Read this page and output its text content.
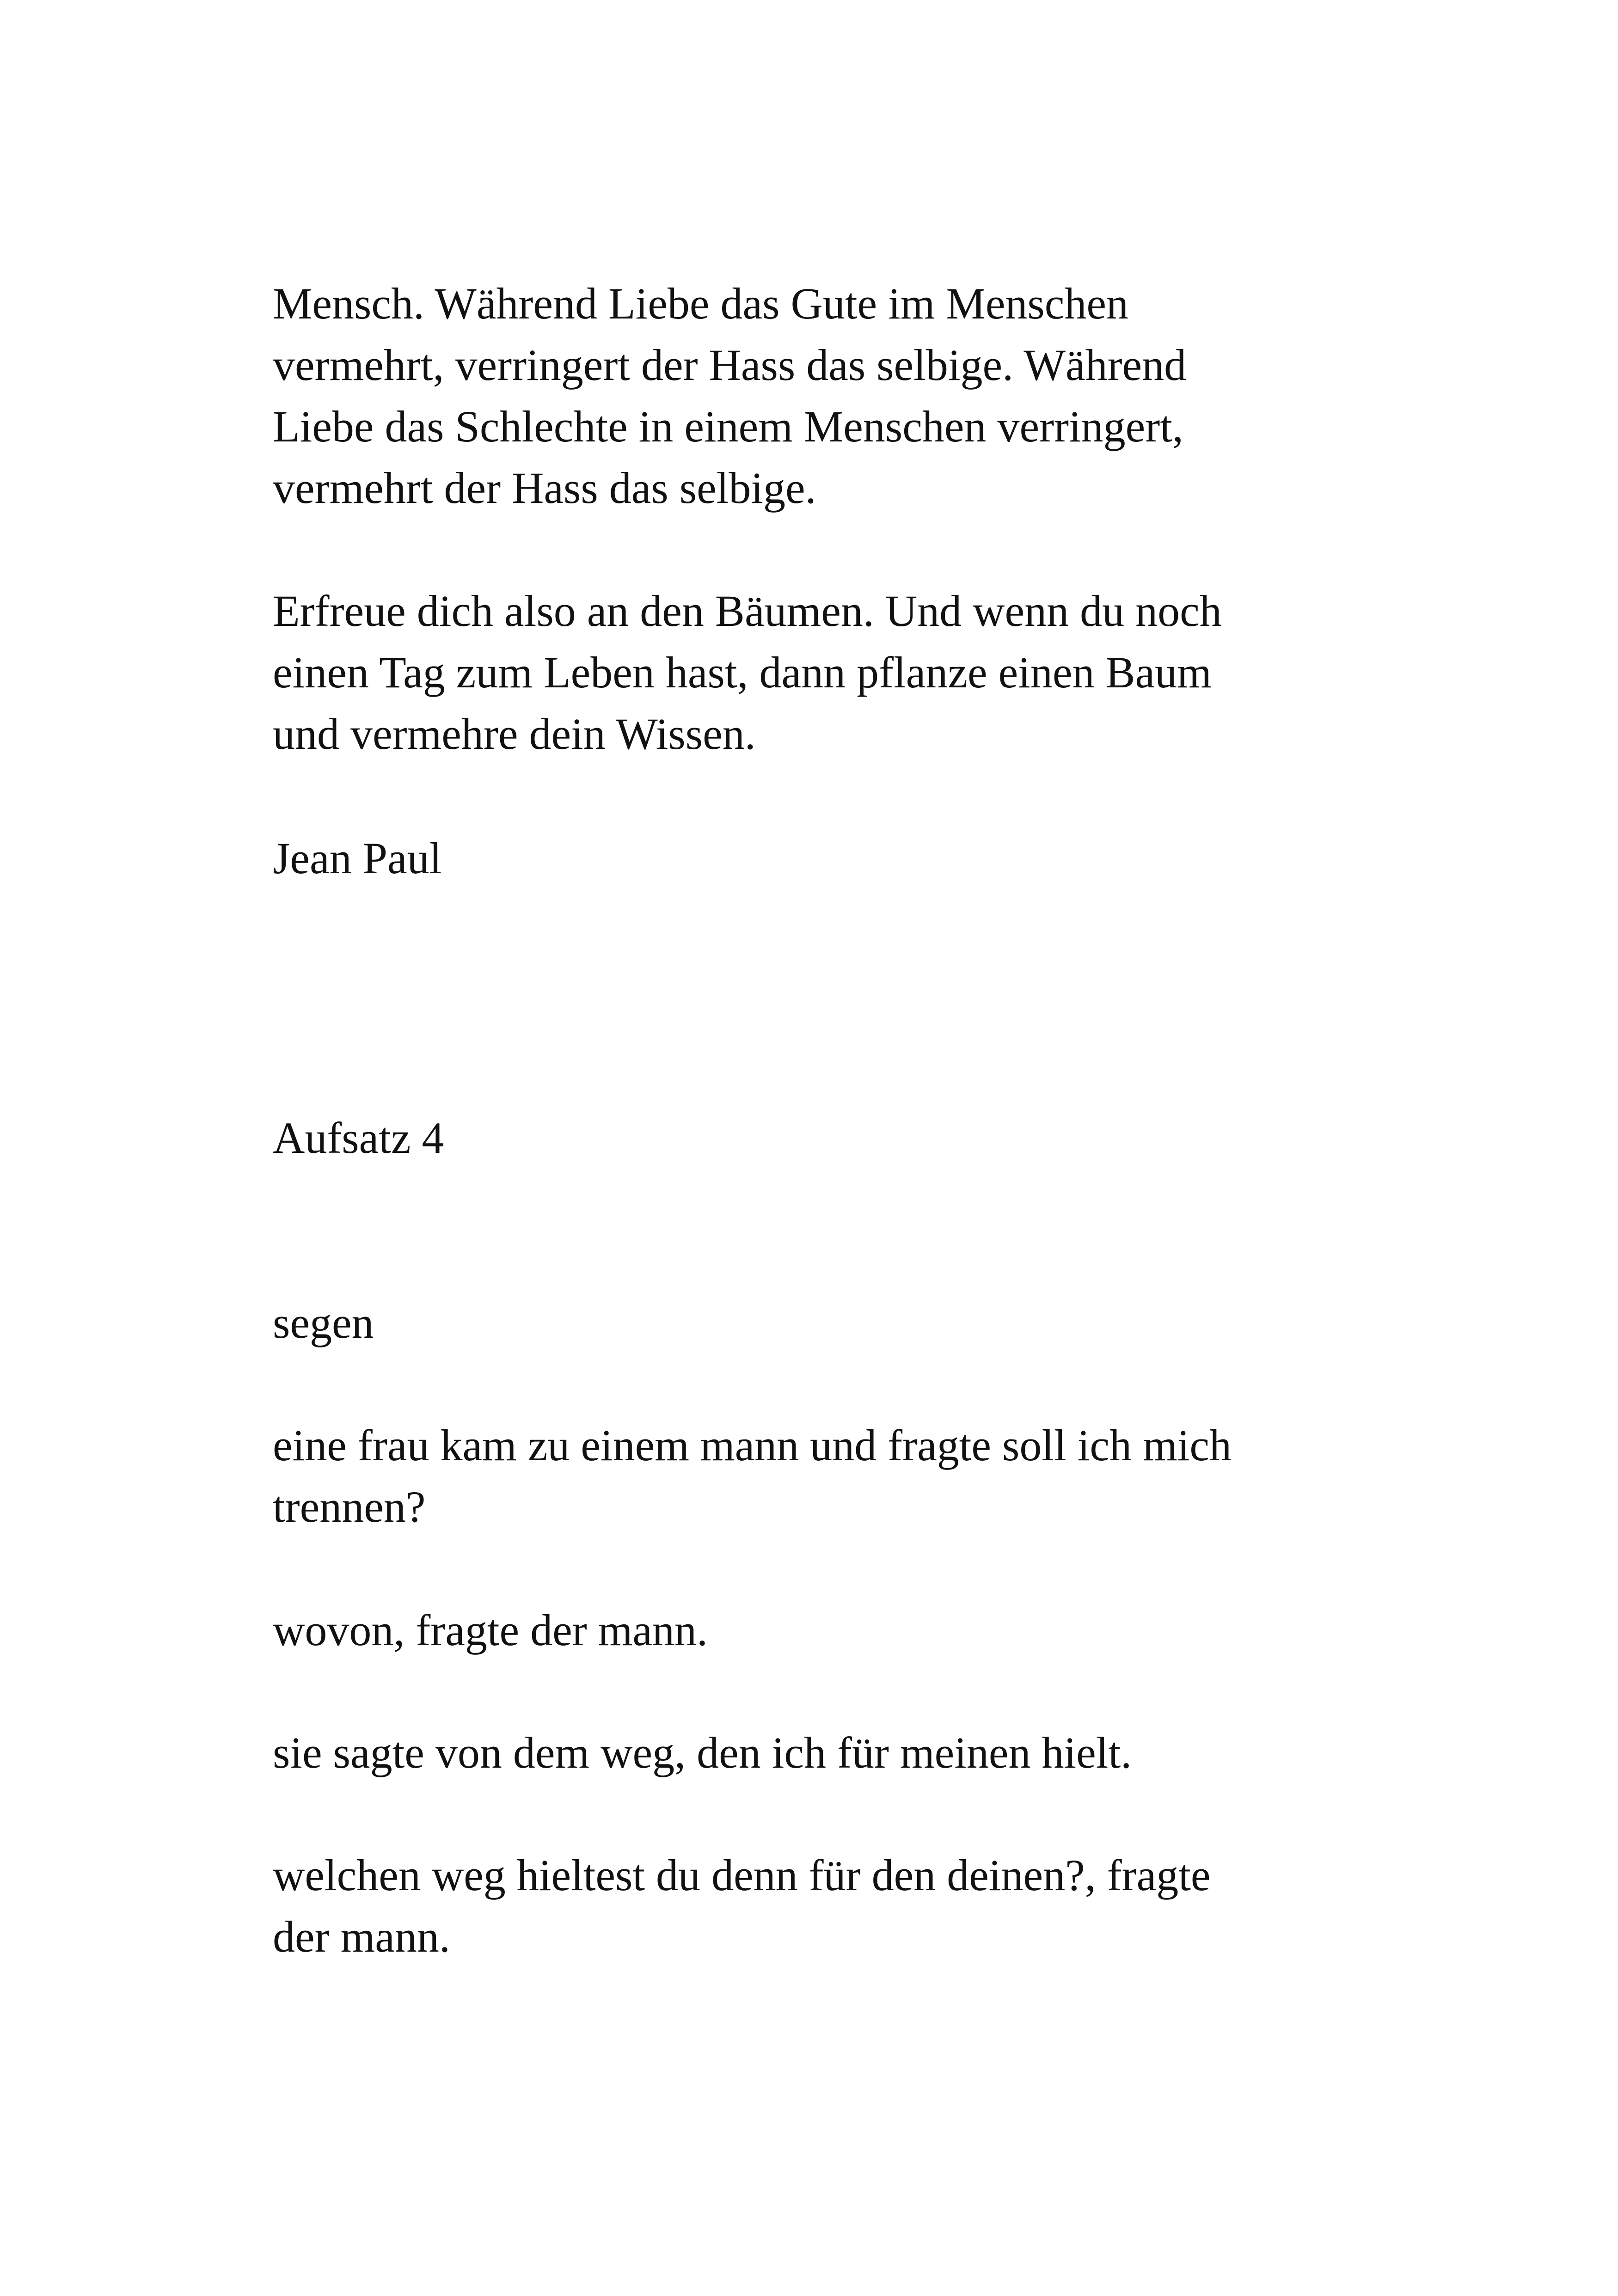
Mensch. Während Liebe das Gute im Menschen
vermehrt, verringert der Hass das selbige. Während
Liebe das Schlechte in einem Menschen verringert,
vermehrt der Hass das selbige.
Erfreue dich also an den Bäumen. Und wenn du noch
einen Tag zum Leben hast, dann pflanze einen Baum
und vermehre dein Wissen.
Jean Paul
Aufsatz 4
segen
eine frau kam zu einem mann und fragte soll ich mich
trennen?
wovon, fragte der mann.
sie sagte von dem weg, den ich für meinen hielt.
welchen weg hieltest du denn für den deinen?, fragte
der mann.
